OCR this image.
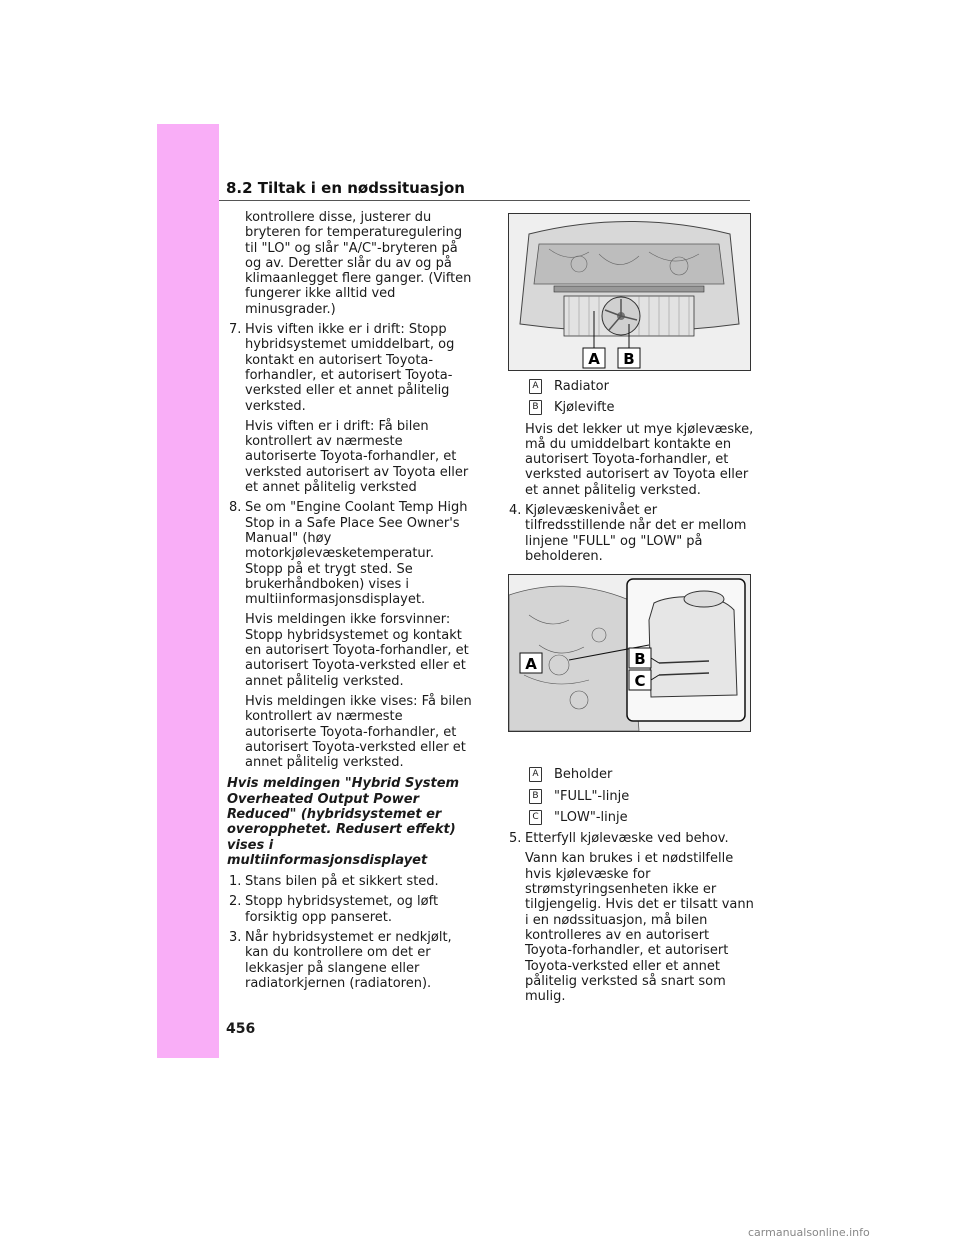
8.2 Tiltak i en nødssituasjon
kontrollere disse, justerer du bryteren for temperaturegulering til "LO" og slår "A/C"-bryteren på og av. Deretter slår du av og på klimaanlegget flere ganger. (Viften fungerer ikke alltid ved minusgrader.)
7. Hvis viften ikke er i drift: Stopp hybridsystemet umiddelbart, og kontakt en autorisert Toyota-forhandler, et autorisert Toyota-verksted eller et annet pålitelig verksted.
Hvis viften er i drift: Få bilen kontrollert av nærmeste autoriserte Toyota-forhandler, et verksted autorisert av Toyota eller et annet pålitelig verksted
8. Se om "Engine Coolant Temp High Stop in a Safe Place See Owner's Manual" (høy motorkjølevæsketemperatur. Stopp på et trygt sted. Se brukerhåndboken) vises i multiinformasjonsdisplayet.
Hvis meldingen ikke forsvinner: Stopp hybridsystemet og kontakt en autorisert Toyota-forhandler, et autorisert Toyota-verksted eller et annet pålitelig verksted.
Hvis meldingen ikke vises: Få bilen kontrollert av nærmeste autoriserte Toyota-forhandler, et autorisert Toyota-verksted eller et annet pålitelig verksted.
Hvis meldingen "Hybrid System Overheated Output Power Reduced" (hybridsystemet er overopphetet. Redusert effekt) vises i multiinformasjonsdisplayet
1. Stans bilen på et sikkert sted.
2. Stopp hybridsystemet, og løft forsiktig opp panseret.
3. Når hybridsystemet er nedkjølt, kan du kontrollere om det er lekkasjer på slangene eller radiatorkjernen (radiatoren).
A B
A	B
C
A Radiator
B Kjølevifte
Hvis det lekker ut mye kjølevæske, må du umiddelbart kontakte en autorisert Toyota-forhandler, et verksted autorisert av Toyota eller et annet pålitelig verksted.
4. Kjølevæskenivået er tilfredsstillende når det er mellom linjene "FULL" og "LOW" på beholderen.
A Beholder
B "FULL"-linje
C "LOW"-linje
5. Etterfyll kjølevæske ved behov.
Vann kan brukes i et nødstilfelle hvis kjølevæske for strømstyringsenheten ikke er tilgjengelig. Hvis det er tilsatt vann i en nødssituasjon, må bilen kontrolleres av en autorisert Toyota-forhandler, et autorisert Toyota-verksted eller et annet pålitelig verksted så snart som mulig.
456
carmanualsonline.info
